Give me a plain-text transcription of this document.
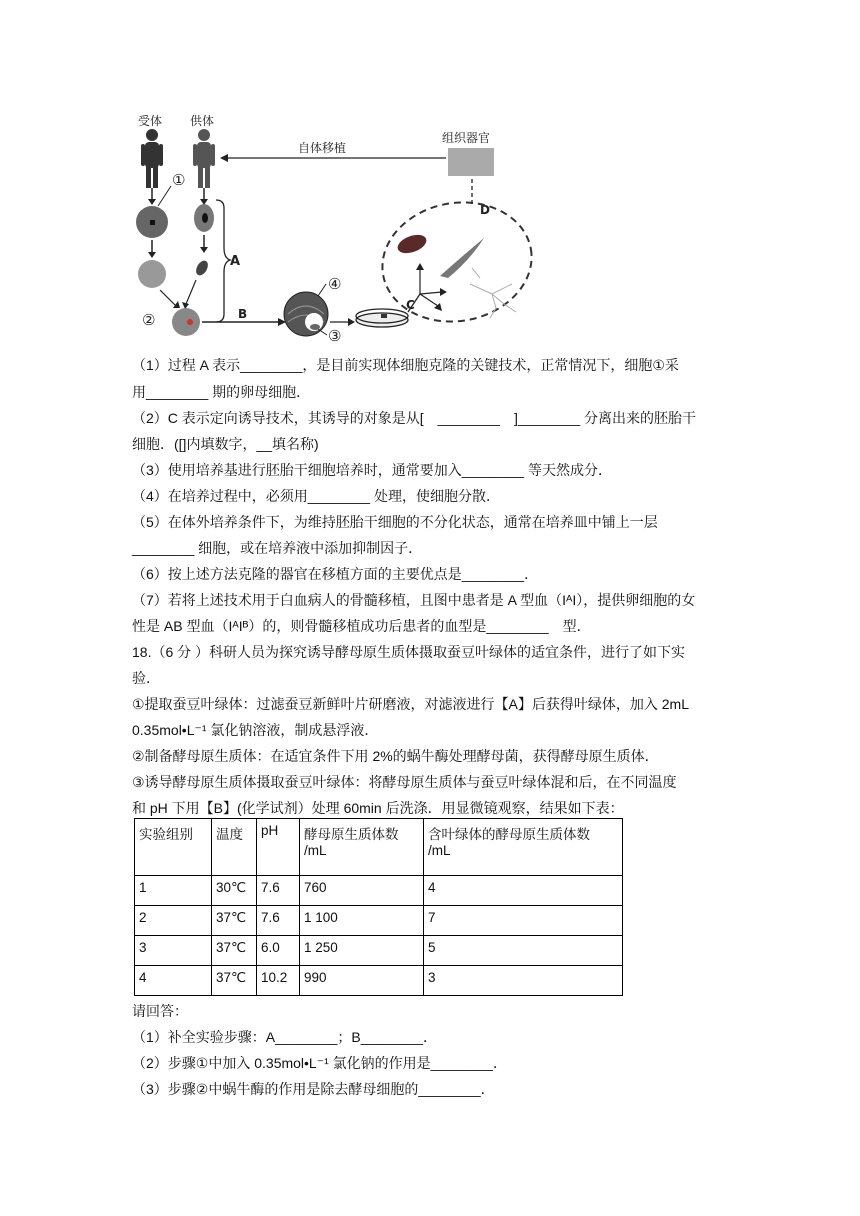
受体 供体
①
②
A
B
④
③
C
D
组织器官
自体移植
（1）过程 A 表示________，是目前实现体细胞克隆的关键技术，正常情况下，细胞①采
用________ 期的卵母细胞．
（2）C 表示定向诱导技术，其诱导的对象是从[　________　]________ 分离出来的胚胎干
细胞．([]内填数字，__填名称)
（3）使用培养基进行胚胎干细胞培养时，通常要加入________ 等天然成分．
（4）在培养过程中，必须用________ 处理，使细胞分散．
（5）在体外培养条件下，为维持胚胎干细胞的不分化状态，通常在培养皿中铺上一层
________ 细胞，或在培养液中添加抑制因子．
（6）按上述方法克隆的器官在移植方面的主要优点是________．
（7）若将上述技术用于白血病人的骨髓移植，且图中患者是 A 型血（IᴬI），提供卵细胞的女
性是 AB 型血（IᴬIᴮ）的，则骨髓移植成功后患者的血型是________　型．
18.（6 分 ）科研人员为探究诱导酵母原生质体摄取蚕豆叶绿体的适宜条件，进行了如下实
验．
①提取蚕豆叶绿体：过滤蚕豆新鲜叶片研磨液，对滤液进行【A】后获得叶绿体，加入 2mL
0.35mol•L⁻¹ 氯化钠溶液，制成悬浮液．
②制备酵母原生质体：在适宜条件下用 2%的蜗牛酶处理酵母菌，获得酵母原生质体．
③诱导酵母原生质体摄取蚕豆叶绿体：将酵母原生质体与蚕豆叶绿体混和后，在不同温度
和 pH 下用【B】(化学试剂）处理 60min 后洗涤．用显微镜观察，结果如下表：
实验组别	温度	pH	酵母原生质体数
/mL	含叶绿体的酵母原生质体数
/mL
1	30℃	7.6	760	4
2	37℃	7.6	1 100	7
3	37℃	6.0	1 250	5
4	37℃	10.2	990	3
请回答：
（1）补全实验步骤：A________；B________．
（2）步骤①中加入 0.35mol•L⁻¹ 氯化钠的作用是________．
（3）步骤②中蜗牛酶的作用是除去酵母细胞的________．
